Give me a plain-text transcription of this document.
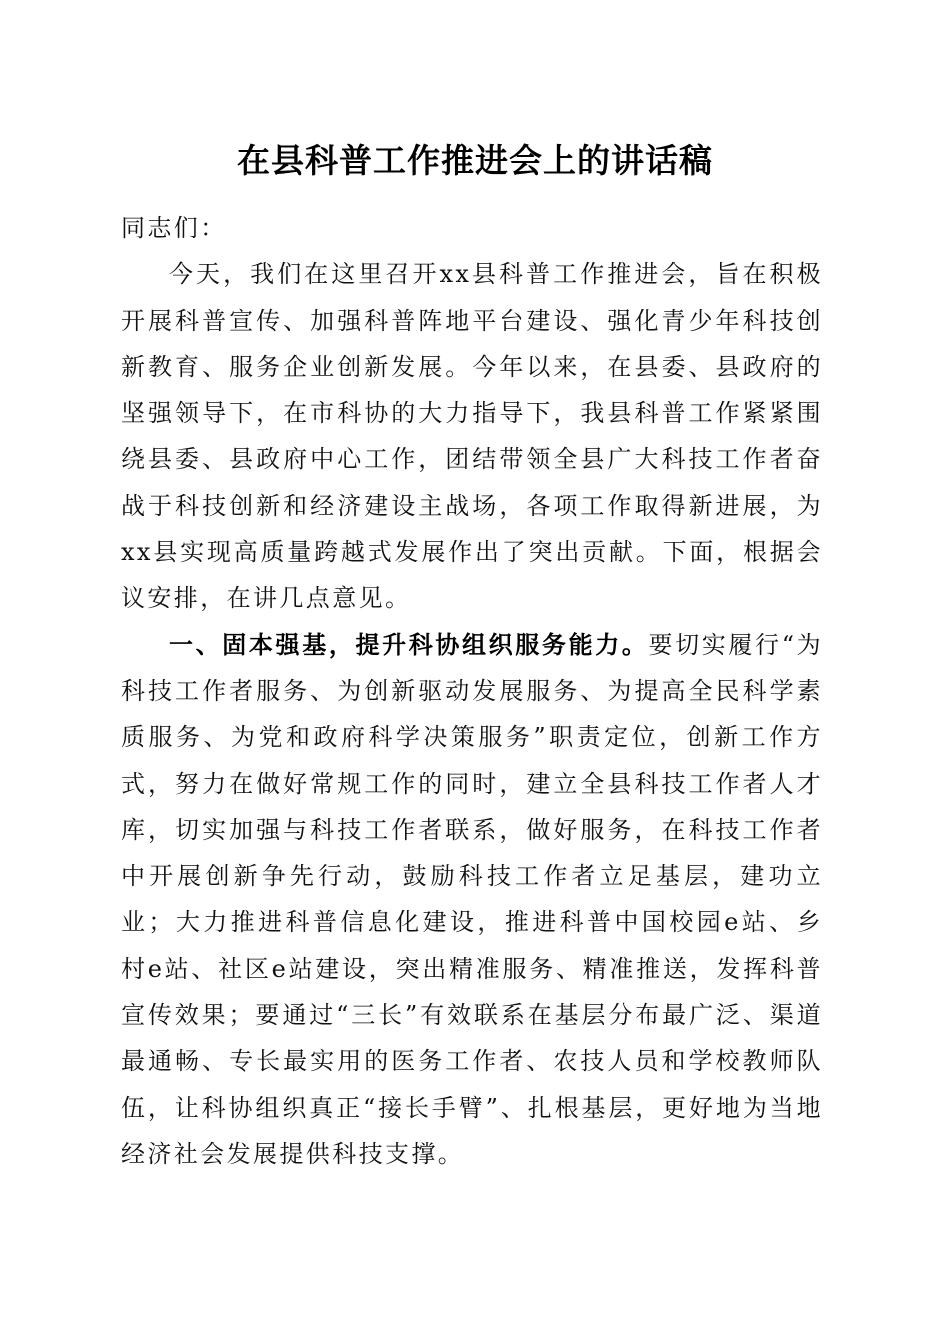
在县科普工作推进会上的讲话稿

同志们：

今天，我们在这里召开xx县科普工作推进会，旨在积极开展科普宣传、加强科普阵地平台建设、强化青少年科技创新教育、服务企业创新发展。今年以来，在县委、县政府的坚强领导下，在市科协的大力指导下，我县科普工作紧紧围绕县委、县政府中心工作，团结带领全县广大科技工作者奋战于科技创新和经济建设主战场，各项工作取得新进展，为xx县实现高质量跨越式发展作出了突出贡献。下面，根据会议安排，在讲几点意见。

一、固本强基，提升科协组织服务能力。要切实履行“为科技工作者服务、为创新驱动发展服务、为提高全民科学素质服务、为党和政府科学决策服务”职责定位，创新工作方式，努力在做好常规工作的同时，建立全县科技工作者人才库，切实加强与科技工作者联系，做好服务，在科技工作者中开展创新争先行动，鼓励科技工作者立足基层，建功立业；大力推进科普信息化建设，推进科普中国校园e站、乡村e站、社区e站建设，突出精准服务、精准推送，发挥科普宣传效果；要通过“三长”有效联系在基层分布最广泛、渠道最通畅、专长最实用的医务工作者、农技人员和学校教师队伍，让科协组织真正“接长手臂”、扎根基层，更好地为当地经济社会发展提供科技支撑。
